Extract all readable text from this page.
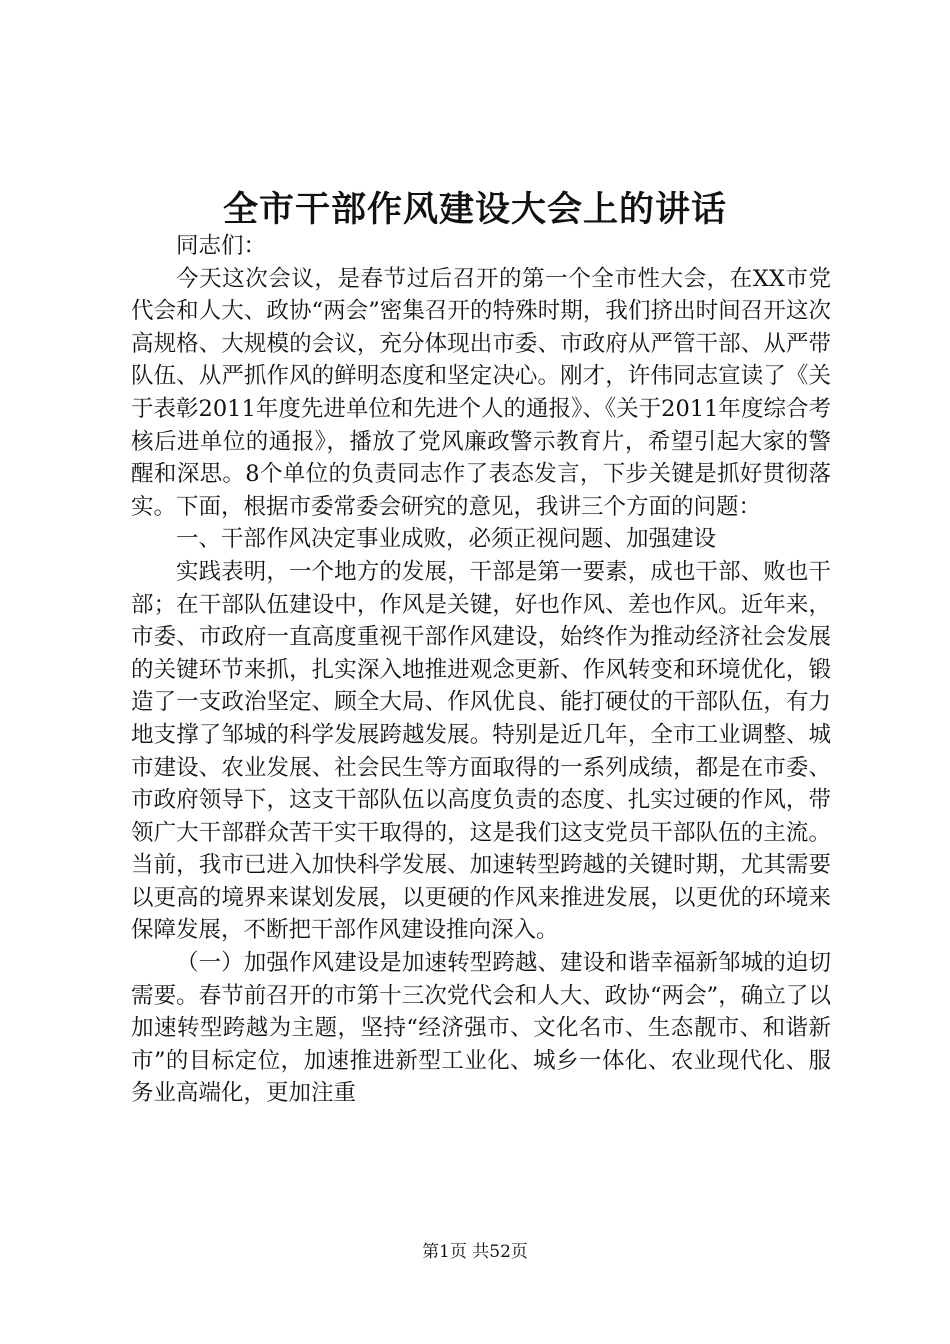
全市干部作风建设大会上的讲话

同志们：

今天这次会议，是春节过后召开的第一个全市性大会，在XX市党代会和人大、政协“两会”密集召开的特殊时期，我们挤出时间召开这次高规格、大规模的会议，充分体现出市委、市政府从严管干部、从严带队伍、从严抓作风的鲜明态度和坚定决心。刚才，许伟同志宣读了《关于表彰2011年度先进单位和先进个人的通报》、《关于2011年度综合考核后进单位的通报》，播放了党风廉政警示教育片，希望引起大家的警醒和深思。8个单位的负责同志作了表态发言，下步关键是抓好贯彻落实。下面，根据市委常委会研究的意见，我讲三个方面的问题：

一、干部作风决定事业成败，必须正视问题、加强建设

实践表明，一个地方的发展，干部是第一要素，成也干部、败也干部；在干部队伍建设中，作风是关键，好也作风、差也作风。近年来，市委、市政府一直高度重视干部作风建设，始终作为推动经济社会发展的关键环节来抓，扎实深入地推进观念更新、作风转变和环境优化，锻造了一支政治坚定、顾全大局、作风优良、能打硬仗的干部队伍，有力地支撑了邹城的科学发展跨越发展。特别是近几年，全市工业调整、城市建设、农业发展、社会民生等方面取得的一系列成绩，都是在市委、市政府领导下，这支干部队伍以高度负责的态度、扎实过硬的作风，带领广大干部群众苦干实干取得的，这是我们这支党员干部队伍的主流。当前，我市已进入加快科学发展、加速转型跨越的关键时期，尤其需要以更高的境界来谋划发展，以更硬的作风来推进发展，以更优的环境来保障发展，不断把干部作风建设推向深入。

（一）加强作风建设是加速转型跨越、建设和谐幸福新邹城的迫切需要。春节前召开的市第十三次党代会和人大、政协“两会”，确立了以加速转型跨越为主题，坚持“经济强市、文化名市、生态靓市、和谐新市”的目标定位，加速推进新型工业化、城乡一体化、农业现代化、服务业高端化，更加注重

第1页 共52页
